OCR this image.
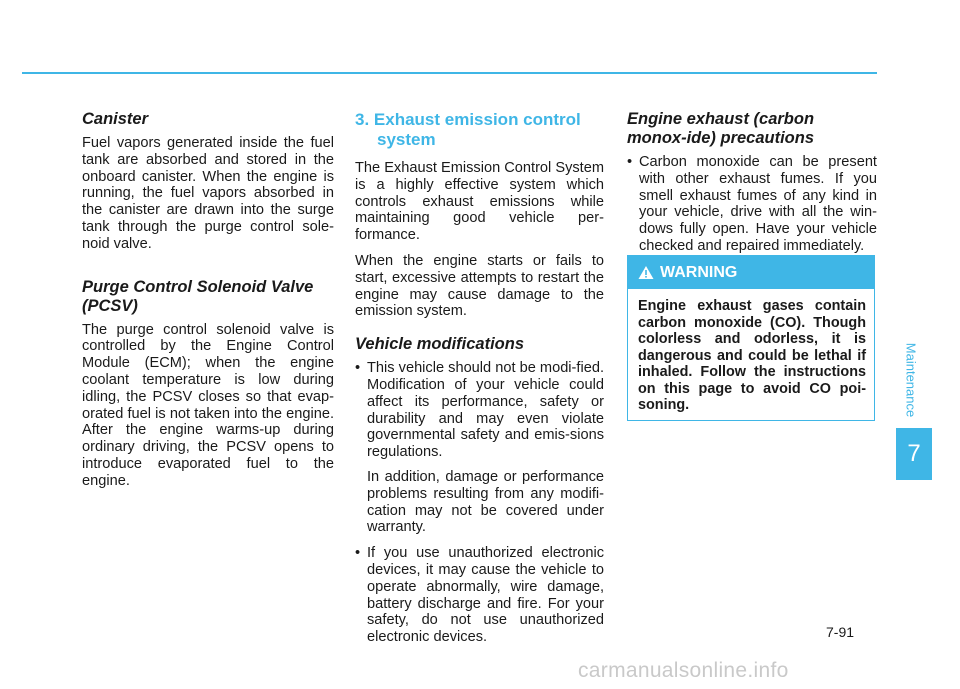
Canister

Fuel vapors generated inside the fuel tank are absorbed and stored in the onboard canister. When the engine is running, the fuel vapors absorbed in the canister are drawn into the surge tank through the purge control sole-noid valve.

Purge Control Solenoid Valve (PCSV)

The purge control solenoid valve is controlled by the Engine Control Module (ECM); when the engine coolant temperature is low during idling, the PCSV closes so that evap-orated fuel is not taken into the engine. After the engine warms-up during ordinary driving, the PCSV opens to introduce evaporated fuel to the engine.

3. Exhaust emission control system

The Exhaust Emission Control System is a highly effective system which controls exhaust emissions while maintaining good vehicle per-formance.

When the engine starts or fails to start, excessive attempts to restart the engine may cause damage to the emission system.

Vehicle modifications
• This vehicle should not be modi-fied. Modification of your vehicle could affect its performance, safety or durability and may even violate governmental safety and emis-sions regulations.

In addition, damage or performance problems resulting from any modifi-cation may not be covered under warranty.

• If you use unauthorized electronic devices, it may cause the vehicle to operate abnormally, wire damage, battery discharge and fire. For your safety, do not use unauthorized electronic devices.
Engine exhaust (carbon monox-ide) precautions
• Carbon monoxide can be present with other exhaust fumes. If you smell exhaust fumes of any kind in your vehicle, drive with all the win-dows fully open. Have your vehicle checked and repaired immediately.
WARNING
Engine exhaust gases contain carbon monoxide (CO). Though colorless and odorless, it is dangerous and could be lethal if inhaled. Follow the instructions on this page to avoid CO poi-soning.	Maintenance
7
7-91
carmanualsonline.info
